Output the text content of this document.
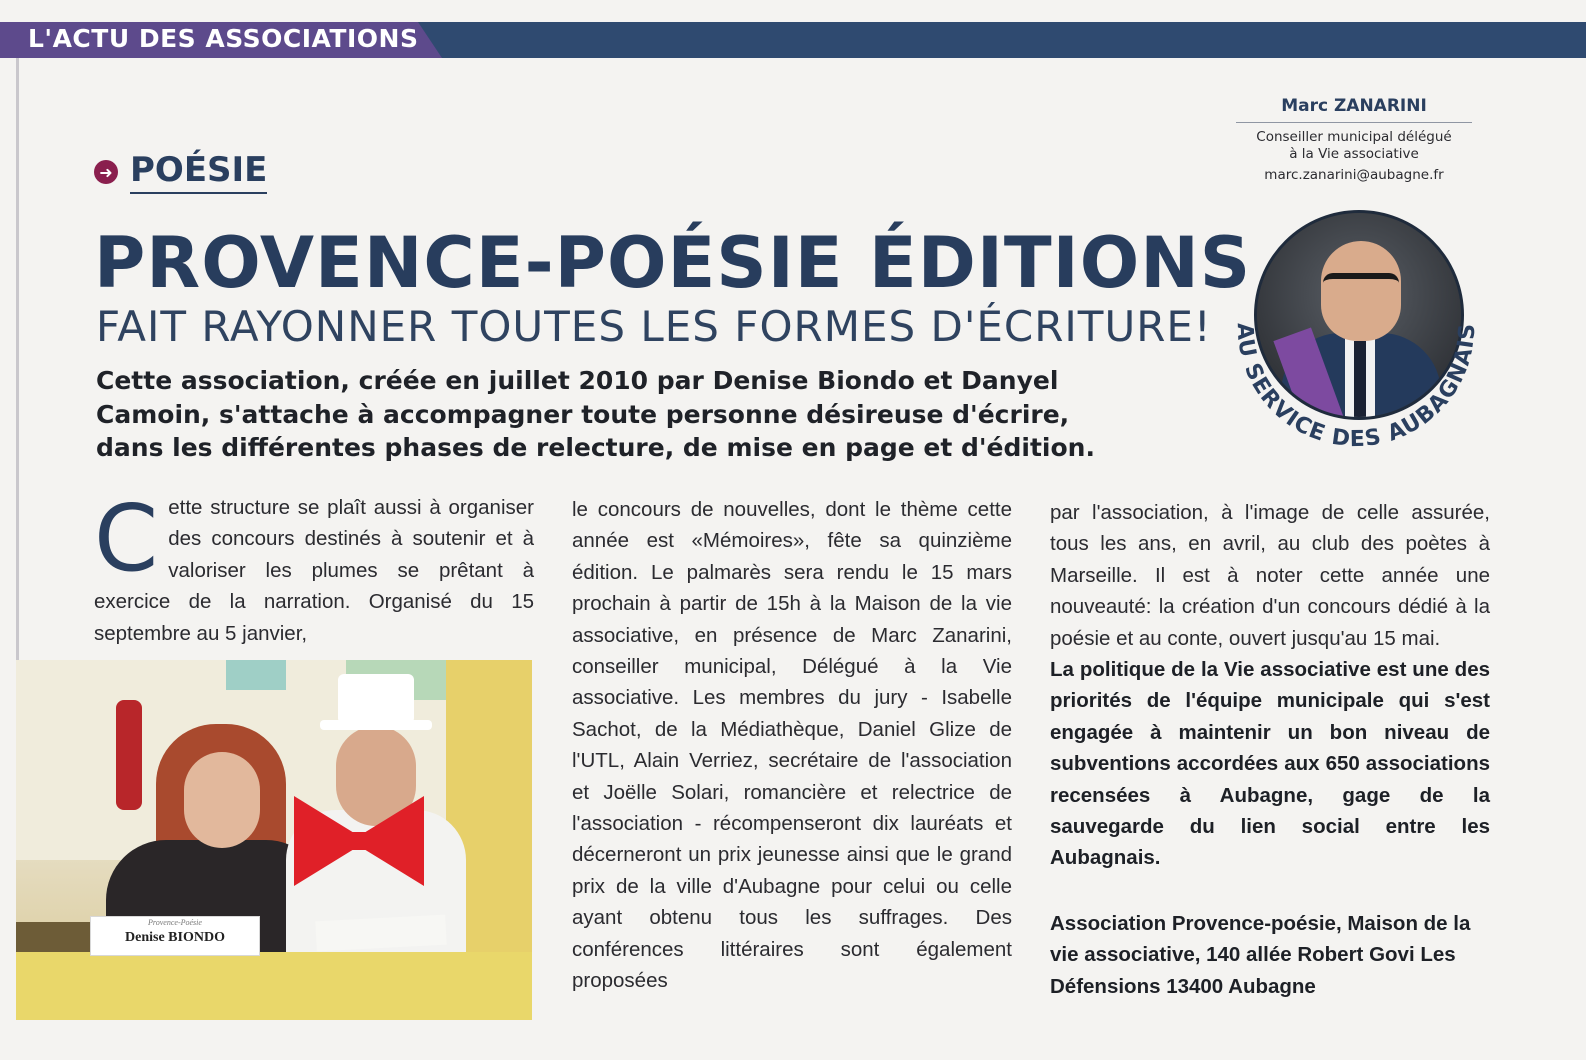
L'ACTU DES ASSOCIATIONS
➜ POÉSIE
PROVENCE-POÉSIE ÉDITIONS
FAIT RAYONNER TOUTES LES FORMES D'ÉCRITURE!

Cette association, créée en juillet 2010 par Denise Biondo et Danyel

Camoin, s'attache à accompagner toute personne désireuse d'écrire,

dans les différentes phases de relecture, de mise en page et d'édition.

C ette structure se plaît aussi à organiser des concours destinés à soutenir et à valoriser les plumes se prêtant à exercice de la narration. Organisé du 15 septembre au 5 janvier,

Provence-Poésie
Denise BIONDO

le concours de nouvelles, dont le thème cette année est «Mémoires», fête sa quinzième édition. Le palmarès sera rendu le 15 mars prochain à partir de 15h à la Maison de la vie associative, en présence de Marc Zanarini, conseiller municipal, Délégué à la Vie associative. Les membres du jury - Isabelle Sachot, de la Médiathèque, Daniel Glize de l'UTL, Alain Verriez, secrétaire de l'association et Joëlle Solari, romancière et relectrice de l'association - récompenseront dix lauréats et décerneront un prix jeunesse ainsi que le grand prix de la ville d'Aubagne pour celui ou celle ayant obtenu tous les suffrages. Des conférences littéraires sont également proposées

par l'association, à l'image de celle assurée, tous les ans, en avril, au club des poètes à Marseille. Il est à noter cette année une nouveauté: la création d'un concours dédié à la poésie et au conte, ouvert jusqu'au 15 mai.

La politique de la Vie associative est une des priorités de l'équipe municipale qui s'est engagée à maintenir un bon niveau de subventions accordées aux 650 associations recensées à Aubagne, gage de la sauvegarde du lien social entre les Aubagnais.

Association Provence-poésie, Maison de la vie associative, 140 allée Robert Govi Les Défensions 13400 Aubagne

Marc ZANARINI
Conseiller municipal délégué
à la Vie associative
marc.zanarini@aubagne.fr
AU SERVICE DES AUBAGNAIS
